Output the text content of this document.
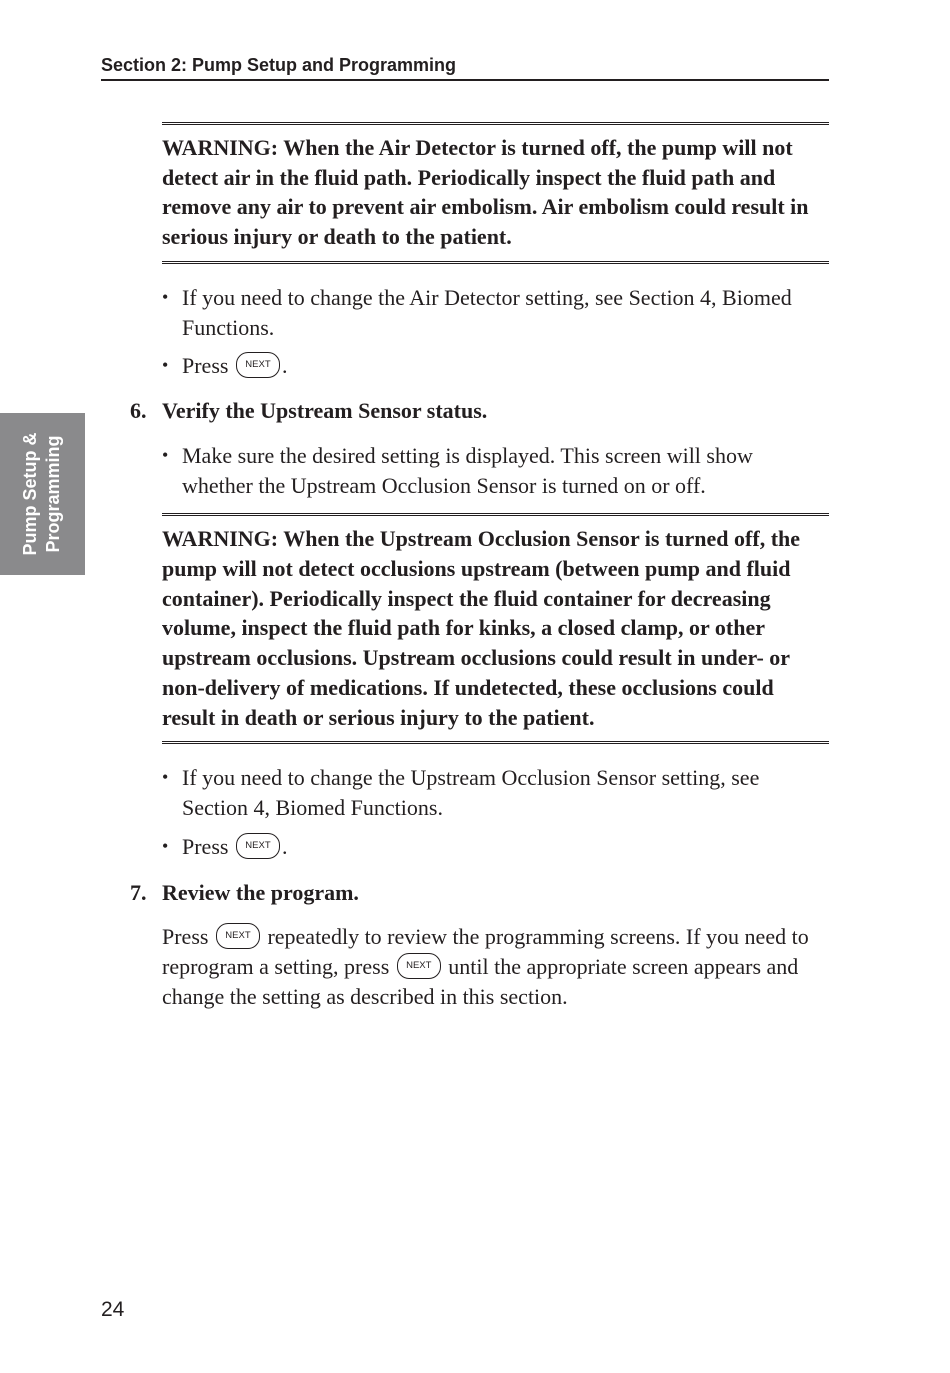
Section 2: Pump Setup and Programming
Pump Setup & Programming
WARNING: When the Air Detector is turned off, the pump will not detect air in the fluid path. Periodically inspect the fluid path and remove any air to prevent air embolism. Air embolism could result in serious injury or death to the patient.
• If you need to change the Air Detector setting, see Section 4, Biomed Functions.
• Press NEXT .
6. Verify the Upstream Sensor status.
• Make sure the desired setting is displayed. This screen will show whether the Upstream Occlusion Sensor is turned on or off.
WARNING: When the Upstream Occlusion Sensor is turned off, the pump will not detect occlusions upstream (between pump and fluid container). Periodically inspect the fluid container for decreasing volume, inspect the fluid path for kinks, a closed clamp, or other upstream occlusions. Upstream occlusions could result in under- or non-delivery of medications. If undetected, these occlusions could result in death or serious injury to the patient.
• If you need to change the Upstream Occlusion Sensor setting, see Section 4, Biomed Functions.
• Press NEXT .
7. Review the program.

Press NEXT repeatedly to review the programming screens. If you need to reprogram a setting, press NEXT until the appropriate screen appears and change the setting as described in this section.

24
